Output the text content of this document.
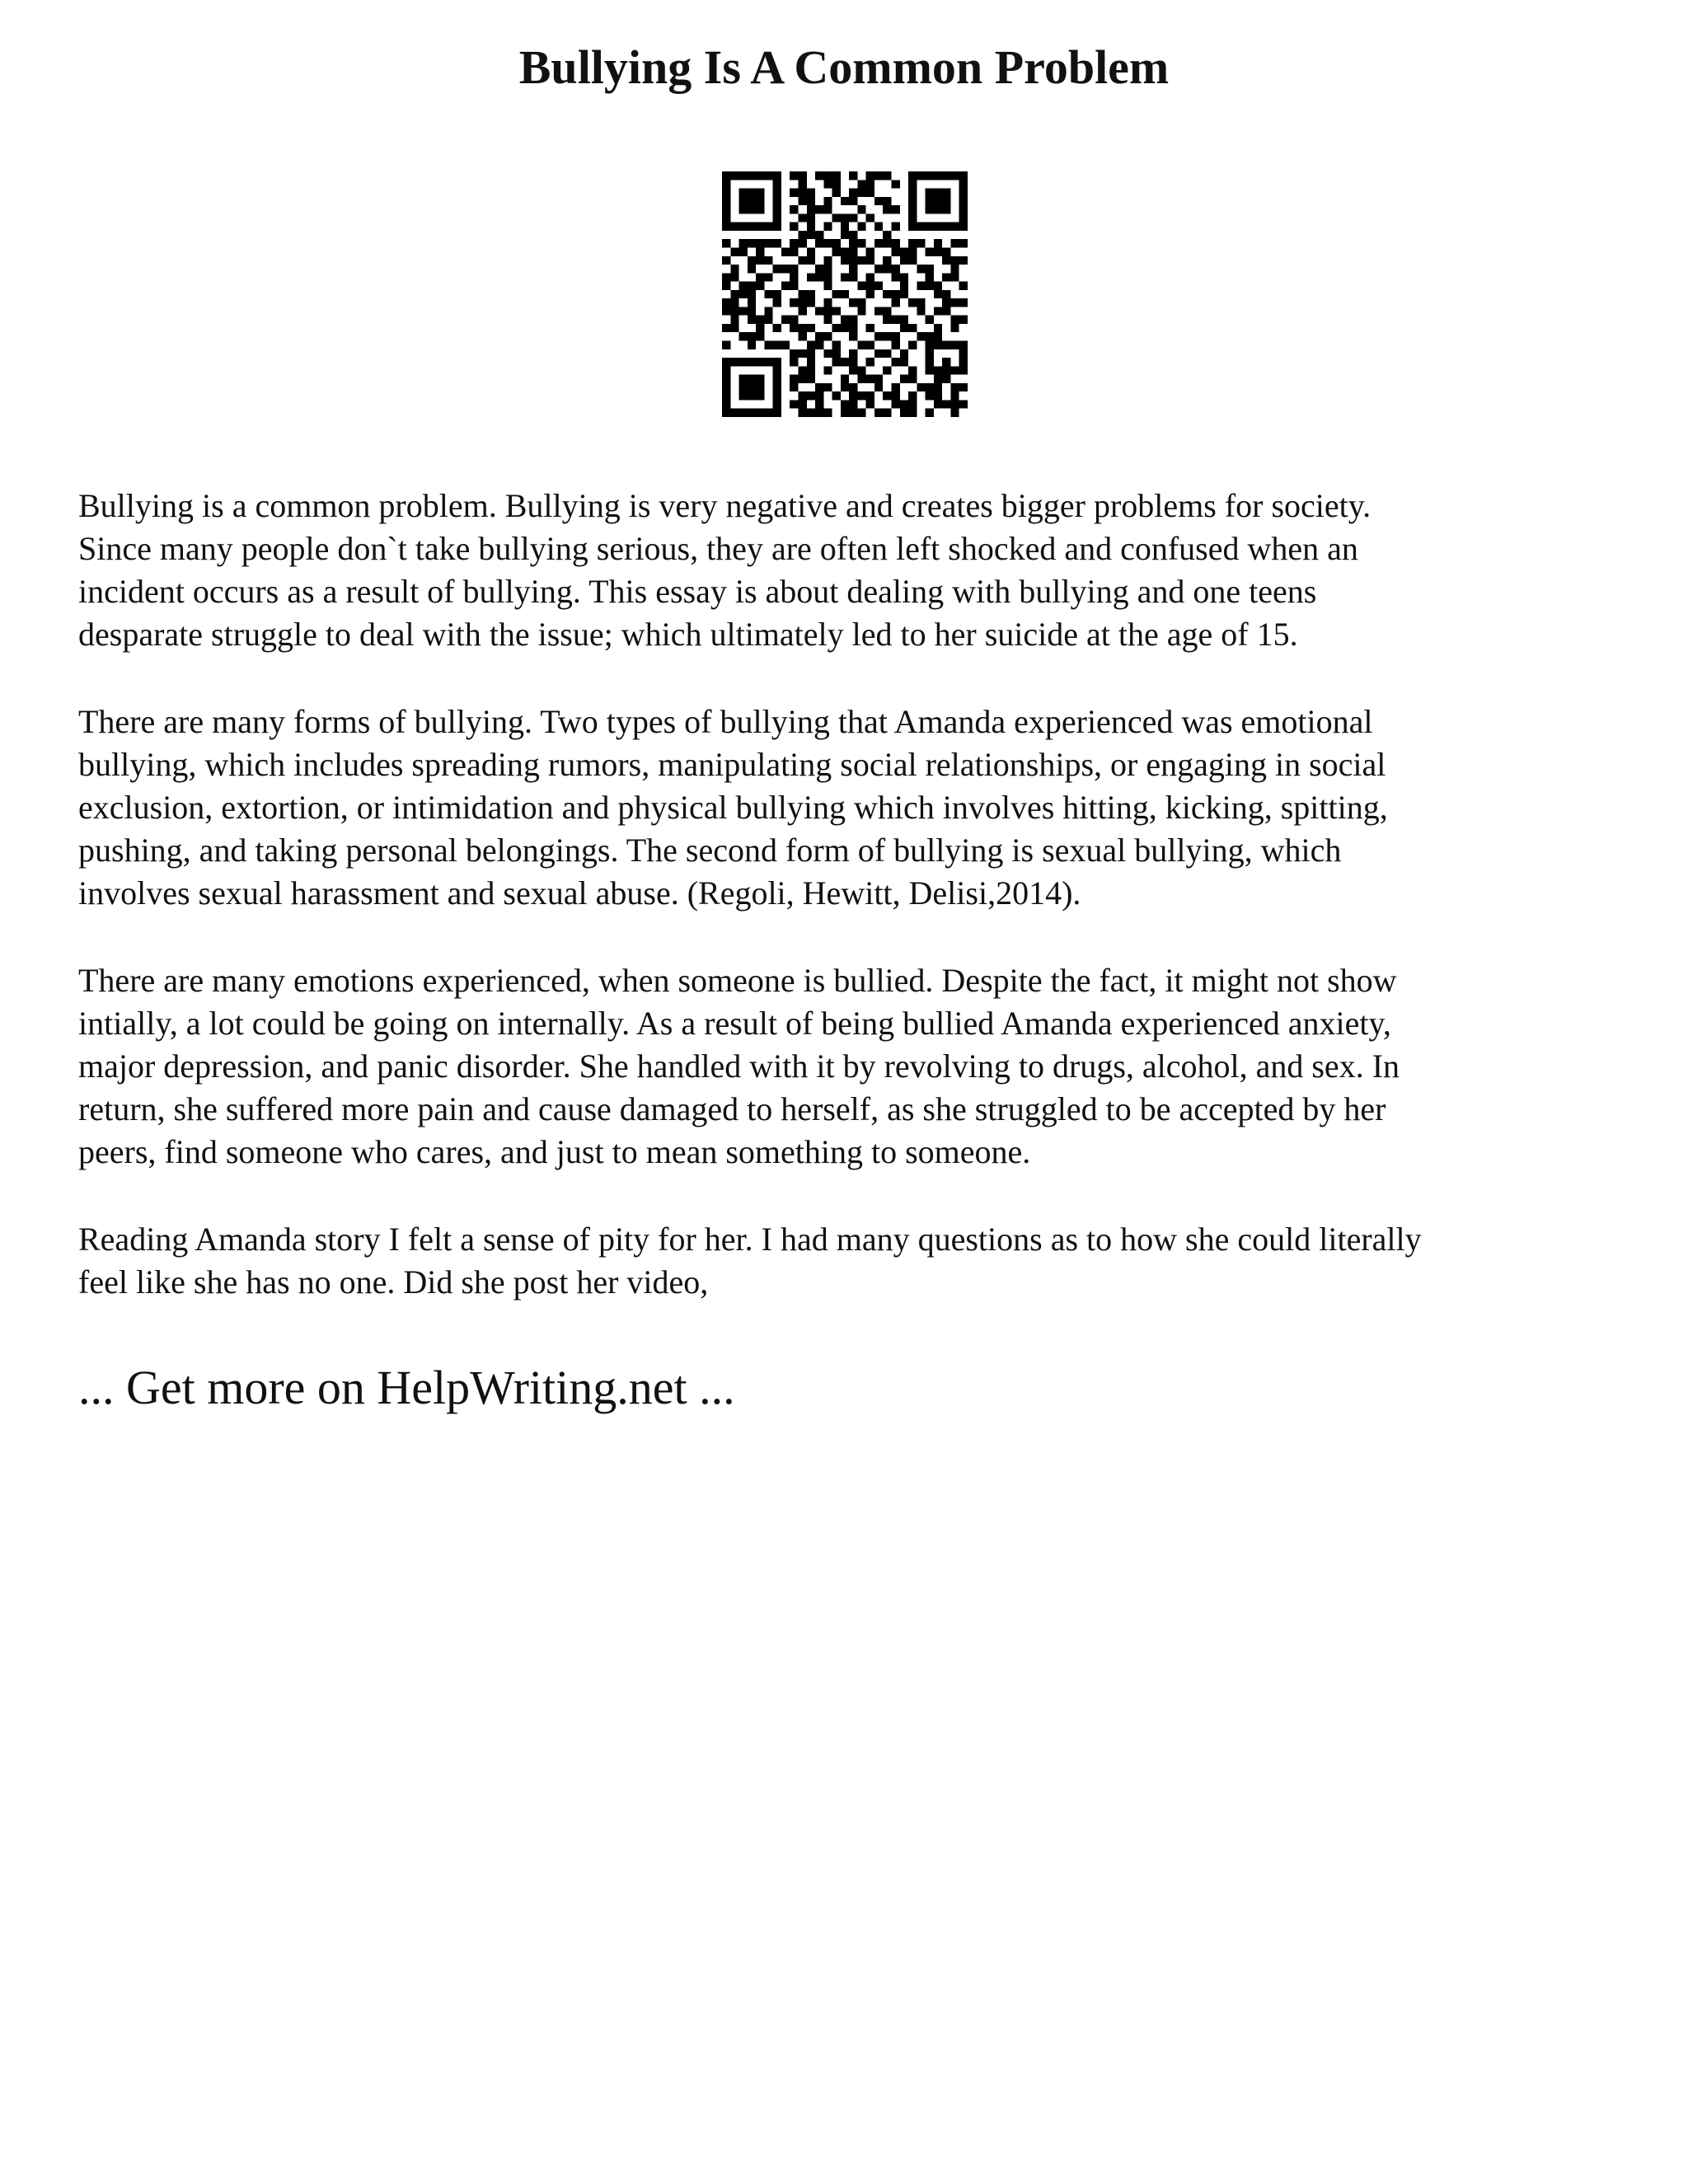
Bullying Is A Common Problem

Bullying is a common problem. Bullying is very negative and creates bigger problems for society.
Since many people don`t take bullying serious, they are often left shocked and confused when an
incident occurs as a result of bullying. This essay is about dealing with bullying and one teens
desparate struggle to deal with the issue; which ultimately led to her suicide at the age of 15.

There are many forms of bullying. Two types of bullying that Amanda experienced was emotional
bullying, which includes spreading rumors, manipulating social relationships, or engaging in social
exclusion, extortion, or intimidation and physical bullying which involves hitting, kicking, spitting,
pushing, and taking personal belongings. The second form of bullying is sexual bullying, which
involves sexual harassment and sexual abuse. (Regoli, Hewitt, Delisi,2014).

There are many emotions experienced, when someone is bullied. Despite the fact, it might not show
intially, a lot could be going on internally. As a result of being bullied Amanda experienced anxiety,
major depression, and panic disorder. She handled with it by revolving to drugs, alcohol, and sex. In
return, she suffered more pain and cause damaged to herself, as she struggled to be accepted by her
peers, find someone who cares, and just to mean something to someone.

Reading Amanda story I felt a sense of pity for her. I had many questions as to how she could literally
feel like she has no one. Did she post her video,

... Get more on HelpWriting.net ...
